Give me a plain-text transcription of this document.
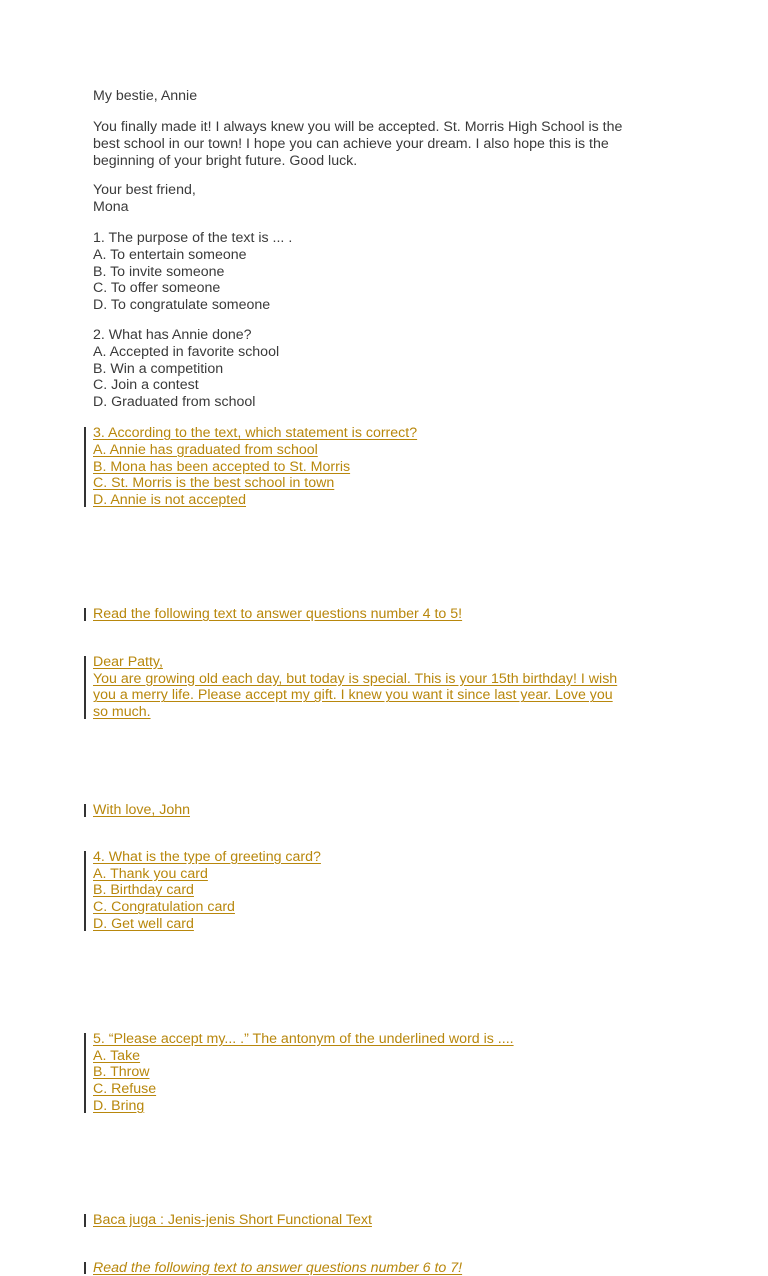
My bestie, Annie
You finally made it! I always knew you will be accepted. St. Morris High School is the
best school in our town! I hope you can achieve your dream. I also hope this is the
beginning of your bright future. Good luck.
Your best friend,
Mona
1. The purpose of the text is ... .
A. To entertain someone
B. To invite someone
C. To offer someone
D. To congratulate someone
2. What has Annie done?
A. Accepted in favorite school
B. Win a competition
C. Join a contest
D. Graduated from school
3. According to the text, which statement is correct?
A. Annie has graduated from school
B. Mona has been accepted to St. Morris
C. St. Morris is the best school in town
D. Annie is not accepted
Read the following text to answer questions number 4 to 5!
Dear Patty,
You are growing old each day, but today is special. This is your 15th birthday! I wish
you a merry life. Please accept my gift. I knew you want it since last year. Love you
so much.
With love, John
4. What is the type of greeting card?
A. Thank you card
B. Birthday card
C. Congratulation card
D. Get well card
5. “Please accept my... .” The antonym of the underlined word is ....
A. Take
B. Throw
C. Refuse
D. Bring
Baca juga : Jenis-jenis Short Functional Text
Read the following text to answer questions number 6 to 7!
